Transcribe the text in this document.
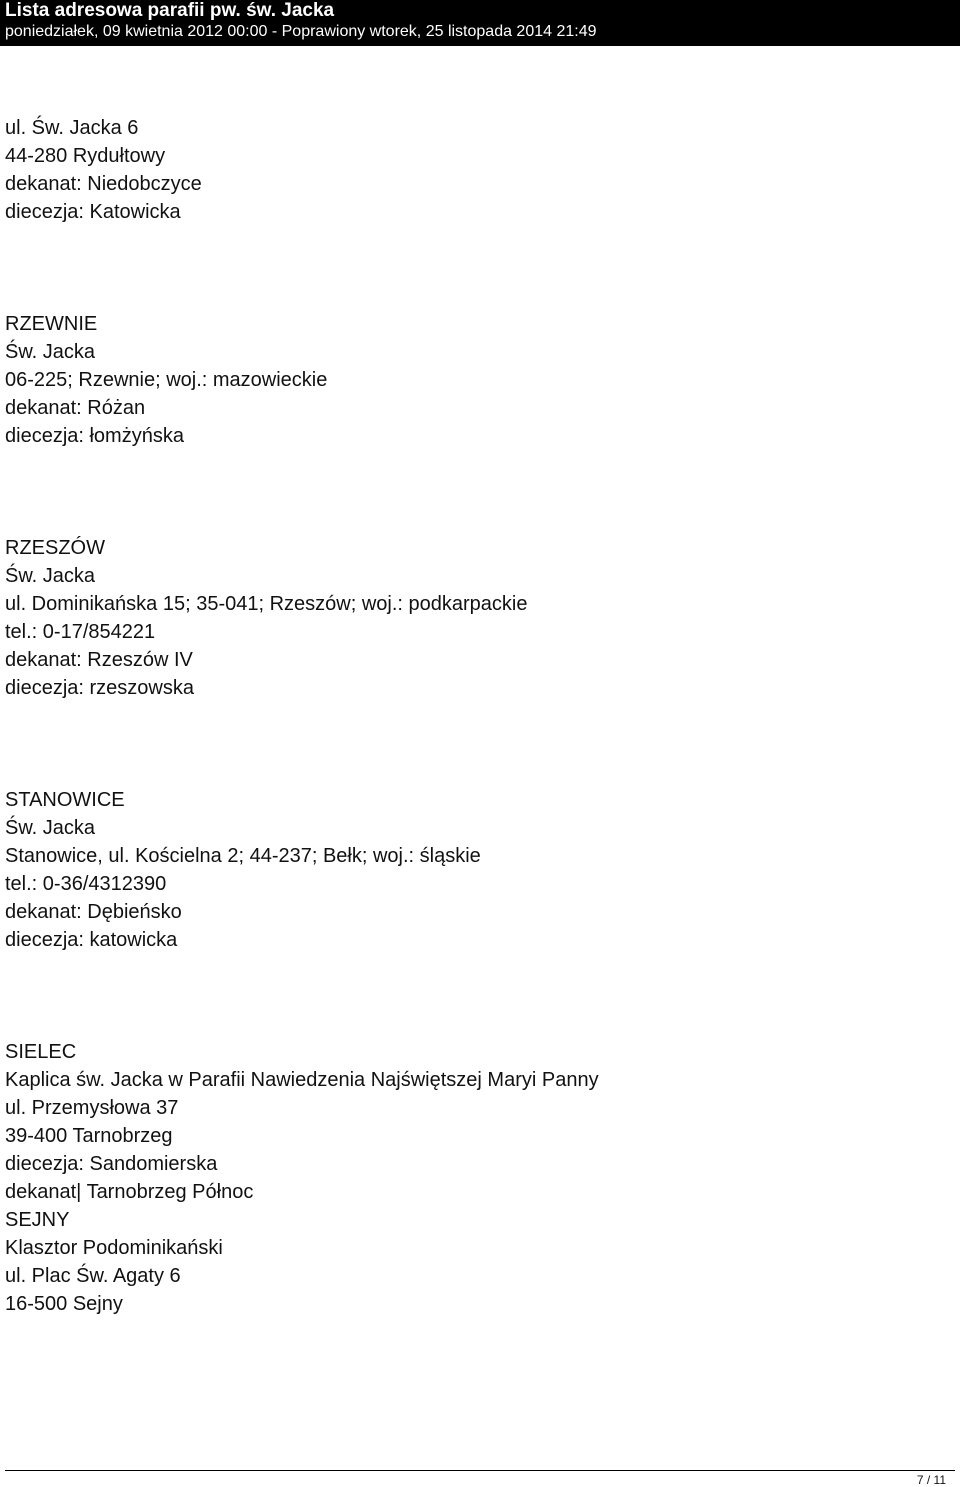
Lista adresowa parafii pw. św. Jacka
poniedziałek, 09 kwietnia 2012 00:00 - Poprawiony wtorek, 25 listopada 2014 21:49
ul. Św. Jacka 6
44-280 Rydułtowy
dekanat: Niedobczyce
diecezja: Katowicka
RZEWNIE
Św. Jacka
06-225; Rzewnie; woj.: mazowieckie
dekanat: Różan
diecezja: łomżyńska
RZESZÓW
Św. Jacka
ul. Dominikańska 15; 35-041; Rzeszów; woj.: podkarpackie
tel.: 0-17/854221
dekanat: Rzeszów IV
diecezja: rzeszowska
STANOWICE
Św. Jacka
Stanowice, ul. Kościelna 2; 44-237; Bełk; woj.: śląskie
tel.: 0-36/4312390
dekanat: Dębieńsko
diecezja: katowicka
SIELEC
Kaplica św. Jacka w Parafii Nawiedzenia Najświętszej Maryi Panny
ul. Przemysłowa 37
39-400 Tarnobrzeg
diecezja: Sandomierska
dekanat| Tarnobrzeg Północ
SEJNY
Klasztor Podominikański
ul. Plac Św. Agaty 6
16-500 Sejny
7 / 11
